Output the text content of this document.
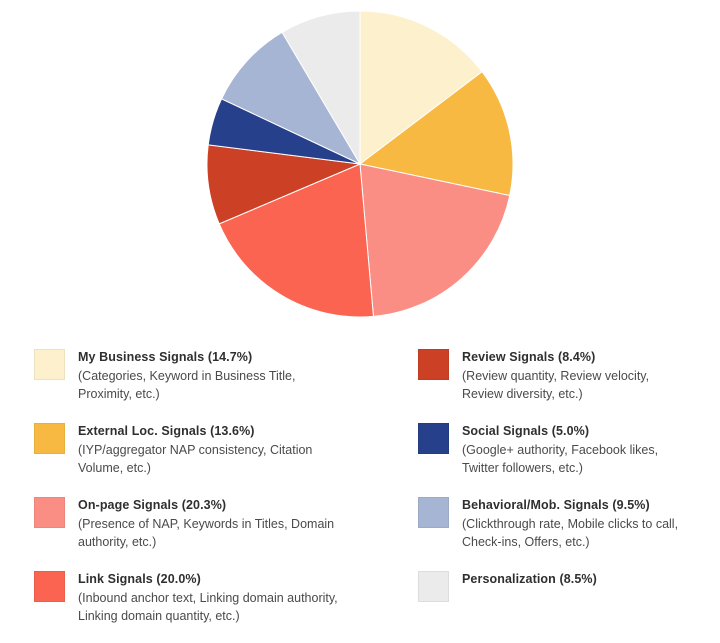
My Business Signals (14.7%)
(Categories, Keyword in Business Title, Proximity, etc.)
External Loc. Signals (13.6%)
(IYP/aggregator NAP consistency, Citation Volume, etc.)
On-page Signals (20.3%)
(Presence of NAP, Keywords in Titles, Domain authority, etc.)
Link Signals (20.0%)
(Inbound anchor text, Linking domain authority, Linking domain quantity, etc.)
Review Signals (8.4%)
(Review quantity, Review velocity, Review diversity, etc.)
Social Signals (5.0%)
(Google+ authority, Facebook likes, Twitter followers, etc.)
Behavioral/Mob. Signals (9.5%)
(Clickthrough rate, Mobile clicks to call, Check-ins, Offers, etc.)
Personalization (8.5%)
